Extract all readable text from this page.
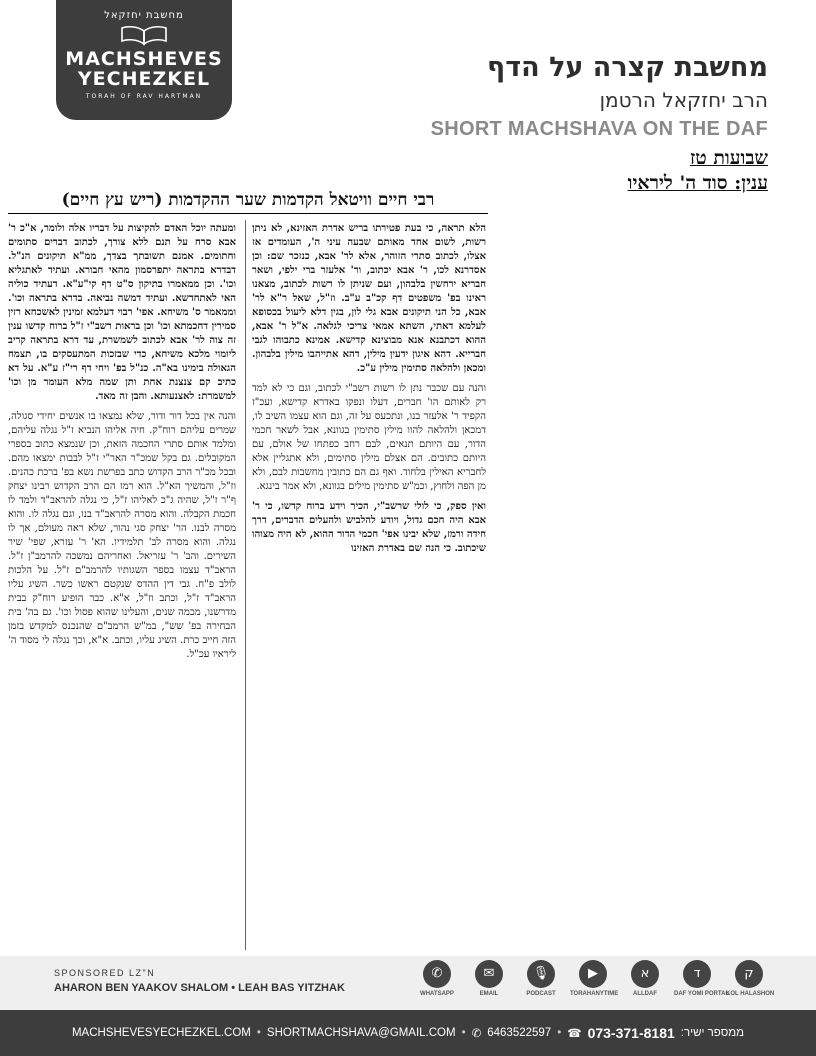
מחשבת יחזקאל
MACHSHEVES
YECHEZKEL
TORAH OF RAV HARTMAN
מחשבת קצרה על הדף
הרב יחזקאל הרטמן
SHORT MACHSHAVA ON THE DAF
שבועות טז
ענין: סוד ה' ליראיו
רבי חיים וויטאל הקדמות שער ההקדמות (ריש עץ חיים)

הלא תראה, כי בעת פטירתו בריש אדרת האזינא, לא ניתן רשות, לשום אחד מאותם שבעה עיני ה', העומדים אז אצלו, לכתוב סתרי הזוהר, אלא לר' אבא, כנזכר שם: וכן אסדרנא לכו, ר' אבא יכתוב, ור' אלעזר ברי ילפי, ושאר חבריא ירחשין בלבהון, ועם שניתן לו רשות לכתוב, מצאנו ראינו בפ' משפטים דף קכ"ב ע"ב. וז"ל, שאל ר"א לר' אבא, כל הני תיקונים אבא גלי לון, בגין דלא ליעול בכסופא לעלמא דאתי, השתא אמאי צריכי לגלאה. א"ל ר' אבא, ההוא דכתבנא אנא מבוצינא קדישא. אמינא כתבוהו לגבי חברייא. דהא איגון ידעין מילין, דהא אתייהבו מילין בלבהון. ומכאן ולהלאה סתימין מילין ע"כ.

והנה עם שכבר נתן לו רשות רשב"י לכתוב, וגם כי לא למד רק לאותם הו' חברים, דעלו ונפקו באדרא קדישא, ועכ"ז הקפיד ר' אלעזר בנו, ונתכעס על זה, וגם הוא עצמו השיב לו, דמכאן ולהלאה להוו מילין סתימין בגוונא, אבל לשאר חכמי הדור, עם היותם תנאים, לבם רחב כפתחו של אולם, עם היותם כתובים. הם אצלם מילין סתימים, ולא אתגליין אלא לחבריא האילין בלחוד. ואף גם הם כתובין מחשבות לבם, ולא מן הפה ולחוץ, וכמ"ש סתימין מילים בגוונא, ולא אמר בינגא.

ואין ספק, כי לולי שרשב"י, הכיר וידע ברוח קדשו, כי ר' אבא היה חכם גדול, ויודע להלביש ולהעלים הדברים, דרך חידה ורמז, שלא יבינו אפי' חכמי הדור ההוא, לא היה מצוהו שיכתוב. כי הנה שם באדרת האזינו

ומעתה יוכל האדם להקיצות על דבריו אלה ולומר, א"כ ר' אבא סרח על תנם ללא צורך, לכתוב דברים סתומים וחתומים. אמנם תשובתך בצדך, ממ"א תיקונים הנ"ל. דבדרא בתראה יתפרסמון מהאי חבורא. ועתיד לאתגליא וכו'. וכן ממאמרו בתיקון ס"ט דף קי"ע"א. דעתיד כוליה האי לאתחדשא. ועתיד דמשה נביאה. בדרא בתראה וכו'. וממאמר ס' משיחא. אפי' רבוי דעלמא זמינין לאשכחא רזין סמירין דחכמתא וכו' וכן בראות רשב"י ז"ל ברוח קדשו ענין זה צוה לר' אבא לכתוב לשמשרת, עד דרא בתראה קריב ליומוי מלכא משיחא, כדי שבזכות המתעסקים בו, תצמח הגאולה בימינו בא"ה. כנ"ל בפ' ויחי דף רי"ז ע"א. על דא כתיב קם צנצנת אחת ותן שמה מלא העומר מן וכו' למשמרת: לאצנעותא. והבן זה מאד.

והנה אין בכל דור ודור, שלא נמצאו בו אנשים יחידי סגולה, שמרים עליהם רוח"ק. חיה אליהו הנביא ז"ל נגלה עליהם, ומלמד אותם סתרי החכמה הזאת, וכן שנמצא כתוב בספרי המקובלים. גם בקל שמכ"ר האר"י ז"ל לבבות ימצאו מהם. ובכל מכ"ר הרב הקדוש כתב בפרשת נשא בפ' ברכת כהנים. וז"ל, והמשיך הא"ל. הוא רמז הם הרב הקדוש רבינו יצחק ף"ר ז"ל, שהיה ג"כ לאליהו ז"ל, כי נגלה להראב"ד ולמד לו חכמת הקבלה. והוא מסרה להראב"ד בנו, וגם נגלה לו. והוא מסרה לבנו. הר' יצחק סגי נהור, שלא ראה מעולם, אך לו נגלה. והוא מסרה לב' תלמידיו. הא' ר' עזרא, שפי' שיר השירים. והב' ר' עזריאל. ואחריהם נמשכה להרמב"ן ז"ל. הראב"ד עצמו בספר השגותיו להרמב"ם ז"ל. על הלכות לולב פ"ח. גבי דין ההדס שנקטם ראשו כשר. השיג עליו הראב"ד ז"ל, וכתב וז"ל, א"א. כבר הופיע רוח"ק בבית מדרשנו, מכמה שנים, והעלינו שהוא פסול וכו'. גם בה' בית הבחירה בפ' שש", במ"ש הרמב"ם שהנכנס למקדש בזמן הזה חייב כרת. השיג עליו, וכתב. א"א, וכך נגלה לי מסוד ה' ליראיו עכ"ל.

SPONSORED LZ"N
AHARON BEN YAAKOV SHALOM • LEAH BAS YITZHAK
✆
WHATSAPP
✉
EMAIL
🎙
PODCAST
▶
TORAHANYTIME
א
ALLDAF
ד
DAF YOMI PORTAL
ק
KOL HALASHON
MACHSHEVESYECHEZKEL.COM • SHORTMACHSHAVA@GMAIL.COM • ✆ 6463522597 • ☎ 073-371-8181 ממספר ישיר:
